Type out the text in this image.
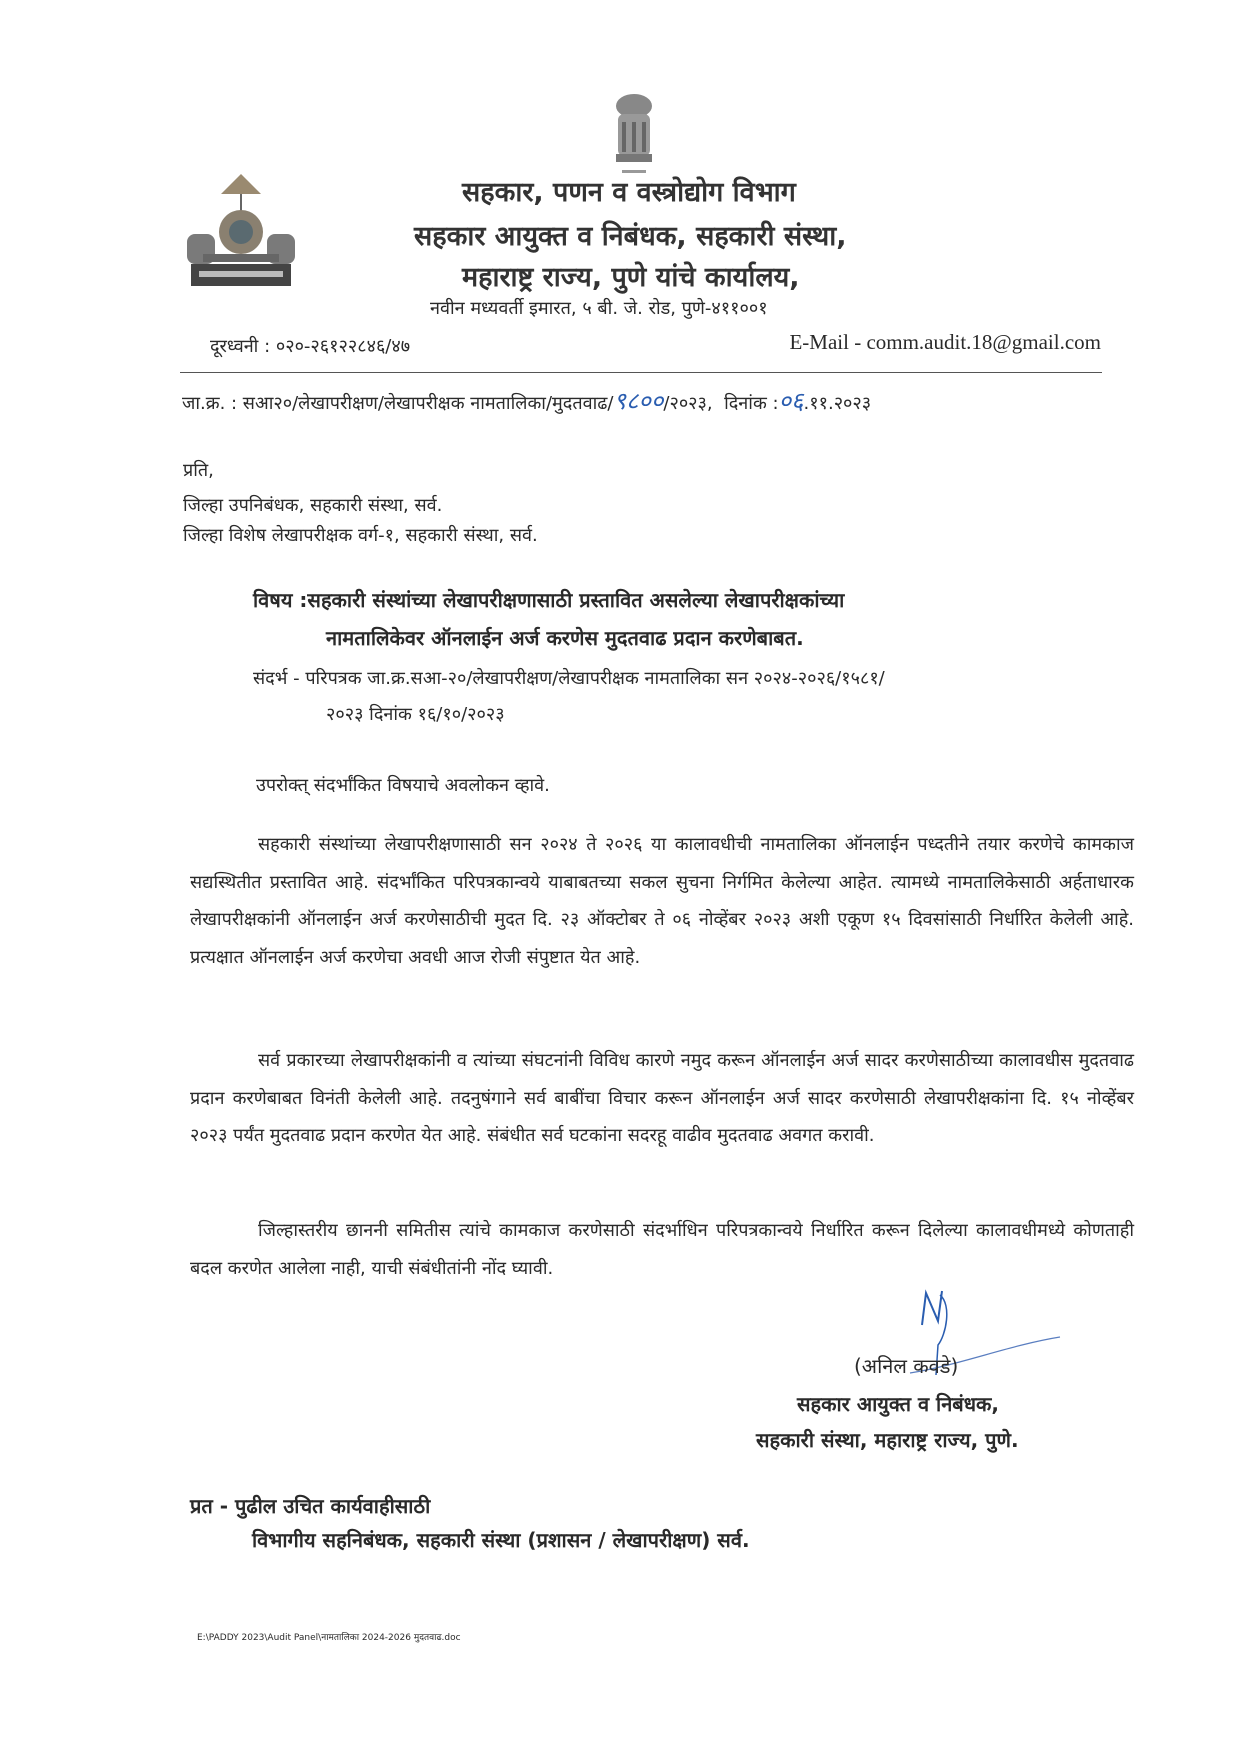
सहकार, पणन व वस्त्रोद्योग विभाग
सहकार आयुक्त व निबंधक, सहकारी संस्था,
महाराष्ट्र राज्य, पुणे यांचे कार्यालय,
नवीन मध्यवर्ती इमारत, ५ बी. जे. रोड, पुणे-४११००१
दूरध्वनी : ०२०-२६१२२८४६/४७	E-Mail - comm.audit.18@gmail.com
जा.क्र. : सआ२०/लेखापरीक्षण/लेखापरीक्षक नामतालिका/मुदतवाढ/९८००/२०२३, दिनांक :०६.११.२०२३
प्रति,
जिल्हा उपनिबंधक, सहकारी संस्था, सर्व.
जिल्हा विशेष लेखापरीक्षक वर्ग-१, सहकारी संस्था, सर्व.
विषय :सहकारी संस्थांच्या लेखापरीक्षणासाठी प्रस्तावित असलेल्या लेखापरीक्षकांच्या
नामतालिकेवर ऑनलाईन अर्ज करणेस मुदतवाढ प्रदान करणेबाबत.
संदर्भ - परिपत्रक जा.क्र.सआ-२०/लेखापरीक्षण/लेखापरीक्षक नामतालिका सन २०२४-२०२६/१५८१/
२०२३ दिनांक १६/१०/२०२३
उपरोक्त् संदर्भांकित विषयाचे अवलोकन व्हावे.
सहकारी संस्थांच्या लेखापरीक्षणासाठी सन २०२४ ते २०२६ या कालावधीची नामतालिका ऑनलाईन पध्दतीने तयार करणेचे कामकाज सद्यस्थितीत प्रस्तावित आहे. संदर्भांकित परिपत्रकान्वये याबाबतच्या सकल सुचना निर्गमित केलेल्या आहेत. त्यामध्ये नामतालिकेसाठी अर्हताधारक लेखापरीक्षकांनी ऑनलाईन अर्ज करणेसाठीची मुदत दि. २३ ऑक्टोबर ते ०६ नोव्हेंबर २०२३ अशी एकूण १५ दिवसांसाठी निर्धारित केलेली आहे. प्रत्यक्षात ऑनलाईन अर्ज करणेचा अवधी आज रोजी संपुष्टात येत आहे.
सर्व प्रकारच्या लेखापरीक्षकांनी व त्यांच्या संघटनांनी विविध कारणे नमुद करून ऑनलाईन अर्ज सादर करणेसाठीच्या कालावधीस मुदतवाढ प्रदान करणेबाबत विनंती केलेली आहे. तदनुषंगाने सर्व बाबींचा विचार करून ऑनलाईन अर्ज सादर करणेसाठी लेखापरीक्षकांना दि. १५ नोव्हेंबर २०२३ पर्यंत मुदतवाढ प्रदान करणेत येत आहे. संबंधीत सर्व घटकांना सदरहू वाढीव मुदतवाढ अवगत करावी.
जिल्हास्तरीय छाननी समितीस त्यांचे कामकाज करणेसाठी संदर्भाधिन परिपत्रकान्वये निर्धारित करून दिलेल्या कालावधीमध्ये कोणताही बदल करणेत आलेला नाही, याची संबंधीतांनी नोंद घ्यावी.
(अनिल कवडे)
सहकार आयुक्त व निबंधक,
सहकारी संस्था, महाराष्ट्र राज्य, पुणे.
प्रत - पुढील उचित कार्यवाहीसाठी
विभागीय सहनिबंधक, सहकारी संस्था (प्रशासन / लेखापरीक्षण) सर्व.
E:\PADDY 2023\Audit Panel\नामतालिका 2024-2026 मुदतवाढ.doc
